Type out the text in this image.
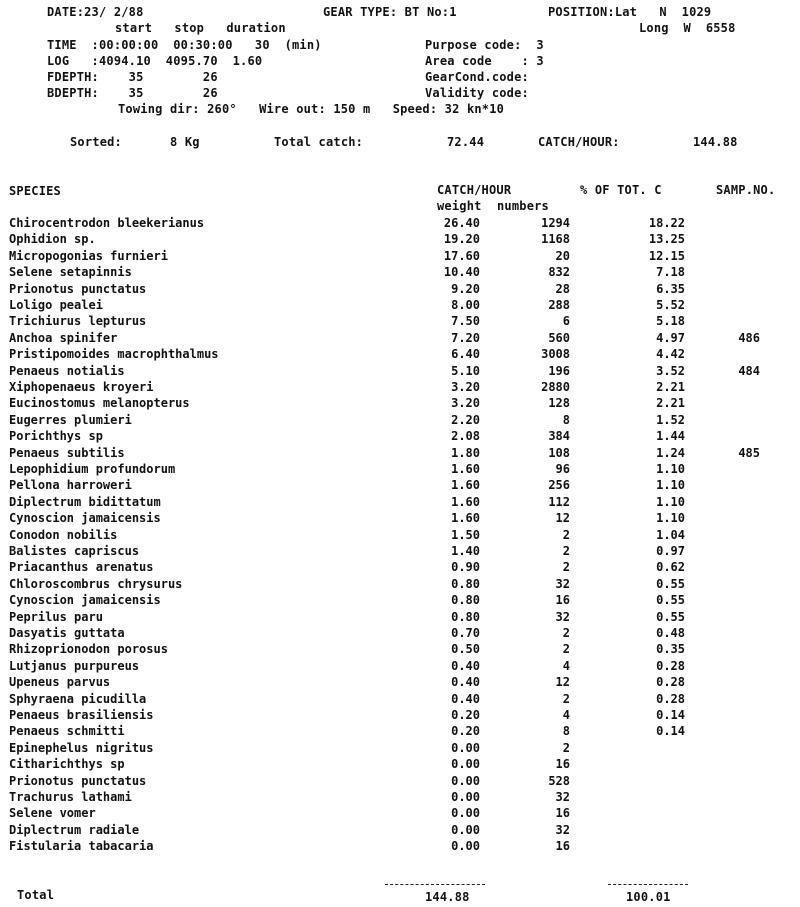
DATE:23/ 2/88	GEAR TYPE: BT No:1	POSITION:Lat   N  1029
start   stop   duration	Long  W  6558
TIME  :00:00:00  00:30:00   30  (min)	Purpose code:  3
LOG   :4094.10  4095.70  1.60	Area code    : 3
FDEPTH:    35        26	GearCond.code:
BDEPTH:    35        26	Validity code:
Towing dir: 260°   Wire out: 150 m   Speed: 32 kn*10
Sorted:	8 Kg	Total catch:	72.44	CATCH/HOUR:	144.88
SPECIES	CATCH/HOUR	% OF TOT. C	SAMP.NO.
weight numbers
Chirocentrodon bleekerianus	26.40	1294	18.22
Ophidion sp.	19.20	1168	13.25
Micropogonias furnieri	17.60	20	12.15
Selene setapinnis	10.40	832	7.18
Prionotus punctatus	9.20	28	6.35
Loligo pealei	8.00	288	5.52
Trichiurus lepturus	7.50	6	5.18
Anchoa spinifer	7.20	560	4.97	486
Pristipomoides macrophthalmus	6.40	3008	4.42
Penaeus notialis	5.10	196	3.52	484
Xiphopenaeus kroyeri	3.20	2880	2.21
Eucinostomus melanopterus	3.20	128	2.21
Eugerres plumieri	2.20	8	1.52
Porichthys sp	2.08	384	1.44
Penaeus subtilis	1.80	108	1.24	485
Lepophidium profundorum	1.60	96	1.10
Pellona harroweri	1.60	256	1.10
Diplectrum bidittatum	1.60	112	1.10
Cynoscion jamaicensis	1.60	12	1.10
Conodon nobilis	1.50	2	1.04
Balistes capriscus	1.40	2	0.97
Priacanthus arenatus	0.90	2	0.62
Chloroscombrus chrysurus	0.80	32	0.55
Cynoscion jamaicensis	0.80	16	0.55
Peprilus paru	0.80	32	0.55
Dasyatis guttata	0.70	2	0.48
Rhizoprionodon porosus	0.50	2	0.35
Lutjanus purpureus	0.40	4	0.28
Upeneus parvus	0.40	12	0.28
Sphyraena picudilla	0.40	2	0.28
Penaeus brasiliensis	0.20	4	0.14
Penaeus schmitti	0.20	8	0.14
Epinephelus nigritus	0.00	2
Citharichthys sp	0.00	16
Prionotus punctatus	0.00	528
Trachurus lathami	0.00	32
Selene vomer	0.00	16
Diplectrum radiale	0.00	32
Fistularia tabacaria	0.00	16
Total	144.88	100.01
